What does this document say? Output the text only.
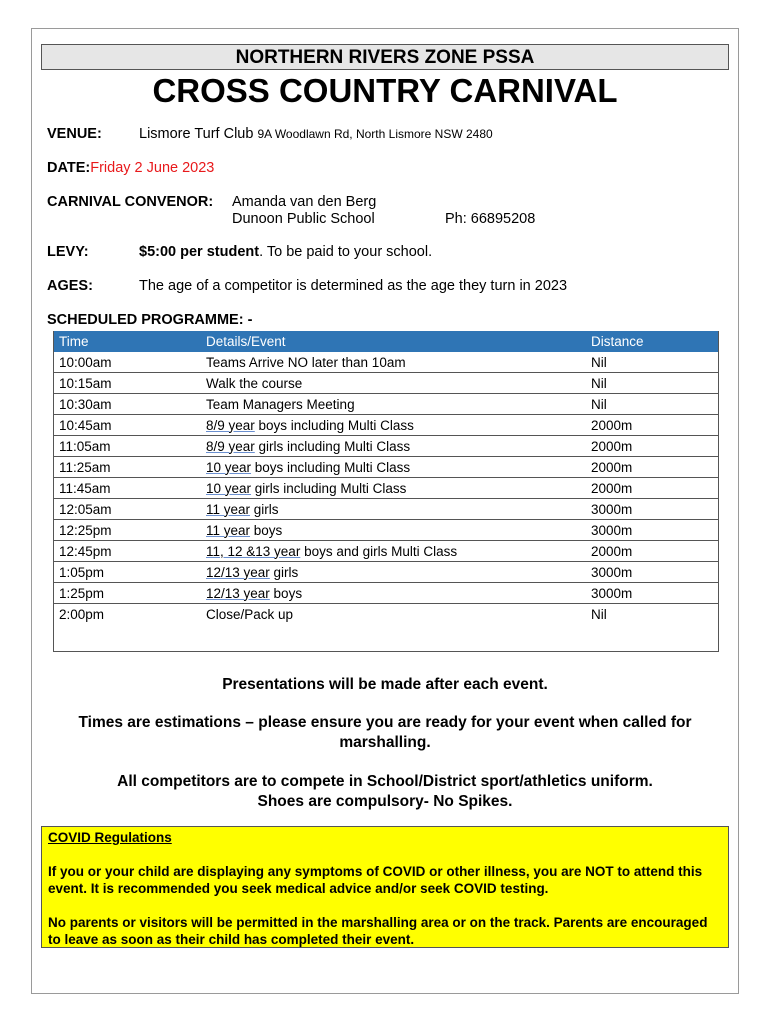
NORTHERN RIVERS ZONE PSSA
CROSS COUNTRY CARNIVAL
VENUE:	Lismore Turf Club 9A Woodlawn Rd, North Lismore NSW 2480
DATE:Friday 2 June 2023
CARNIVAL CONVENOR: Amanda van den Berg
Dunoon Public School	Ph: 66895208
LEVY:	$5:00 per student. To be paid to your school.
AGES:	The age of a competitor is determined as the age they turn in 2023
SCHEDULED PROGRAMME: -
Time	Details/Event	Distance
10:00am	Teams Arrive NO later than 10am	Nil
10:15am	Walk the course	Nil
10:30am	Team Managers Meeting	Nil
10:45am	8/9 year boys including Multi Class	2000m
11:05am	8/9 year girls including Multi Class	2000m
11:25am	10 year boys including Multi Class	2000m
11:45am	10 year girls including Multi Class	2000m
12:05am	11 year girls	3000m
12:25pm	11 year boys	3000m
12:45pm	11, 12 &13 year boys and girls Multi Class	2000m
1:05pm	12/13 year girls	3000m
1:25pm	12/13 year boys	3000m
2:00pm	Close/Pack up	Nil
Presentations will be made after each event.
Times are estimations – please ensure you are ready for your event when called for marshalling.
All competitors are to compete in School/District sport/athletics uniform.
Shoes are compulsory- No Spikes.

COVID Regulations

If you or your child are displaying any symptoms of COVID or other illness, you are NOT to attend this event. It is recommended you seek medical advice and/or seek COVID testing.

No parents or visitors will be permitted in the marshalling area or on the track. Parents are encouraged to leave as soon as their child has completed their event.
